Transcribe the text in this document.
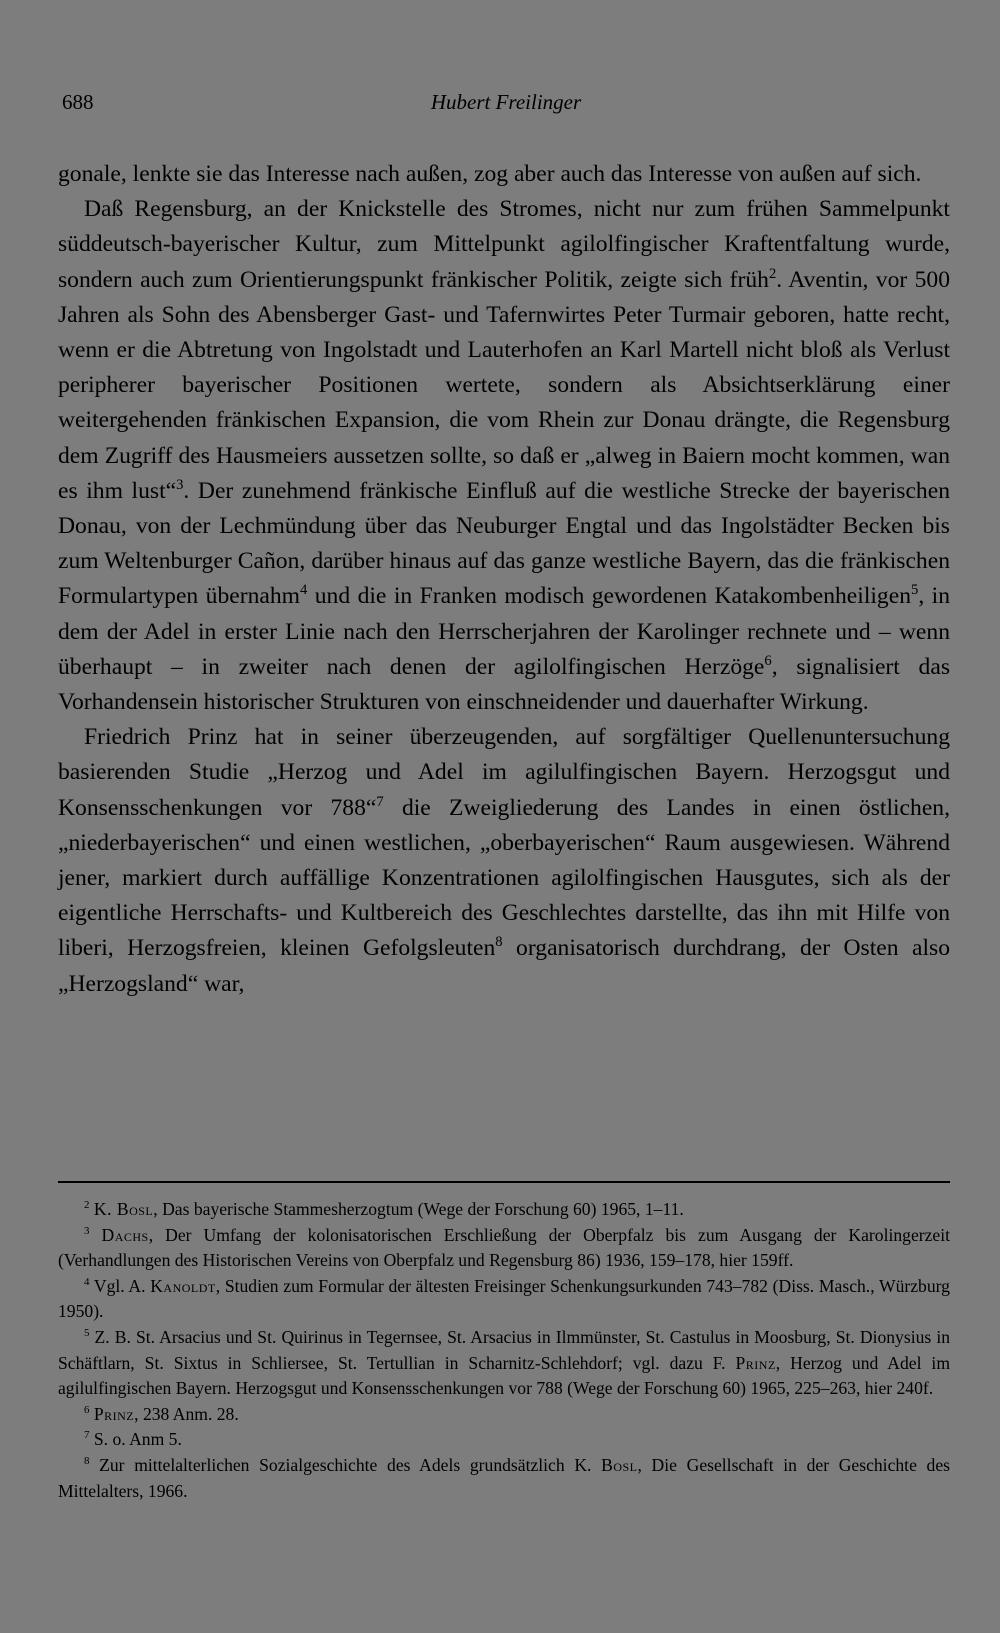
688	Hubert Freilinger

gonale, lenkte sie das Interesse nach außen, zog aber auch das Interesse von außen auf sich.

Daß Regensburg, an der Knickstelle des Stromes, nicht nur zum frühen Sammelpunkt süddeutsch-bayerischer Kultur, zum Mittelpunkt agilolfingischer Kraftentfaltung wurde, sondern auch zum Orientierungspunkt fränkischer Politik, zeigte sich früh$^2$. Aventin, vor 500 Jahren als Sohn des Abensberger Gast- und Tafernwirtes Peter Turmair geboren, hatte recht, wenn er die Abtretung von Ingolstadt und Lauterhofen an Karl Martell nicht bloß als Verlust peripherer bayerischer Positionen wertete, sondern als Absichtserklärung einer weitergehenden fränkischen Expansion, die vom Rhein zur Donau drängte, die Regensburg dem Zugriff des Hausmeiers aussetzen sollte, so daß er „alweg in Baiern mocht kommen, wan es ihm lust“$^3$. Der zunehmend fränkische Einfluß auf die westliche Strecke der bayerischen Donau, von der Lechmündung über das Neuburger Engtal und das Ingolstädter Becken bis zum Weltenburger Cañon, darüber hinaus auf das ganze westliche Bayern, das die fränkischen Formulartypen übernahm$^4$ und die in Franken modisch gewordenen Katakombenheiligen$^5$, in dem der Adel in erster Linie nach den Herrscherjahren der Karolinger rechnete und – wenn überhaupt – in zweiter nach denen der agilolfingischen Herzöge$^6$, signalisiert das Vorhandensein historischer Strukturen von einschneidender und dauerhafter Wirkung.

Friedrich Prinz hat in seiner überzeugenden, auf sorgfältiger Quellenuntersuchung basierenden Studie „Herzog und Adel im agilulfingischen Bayern. Herzogsgut und Konsensschenkungen vor 788“$^7$ die Zweigliederung des Landes in einen östlichen, „niederbayerischen“ und einen westlichen, „oberbayerischen“ Raum ausgewiesen. Während jener, markiert durch auffällige Konzentrationen agilolfingischen Hausgutes, sich als der eigentliche Herrschafts- und Kultbereich des Geschlechtes darstellte, das ihn mit Hilfe von liberi, Herzogsfreien, kleinen Gefolgsleuten$^8$ organisatorisch durchdrang, der Osten also „Herzogsland“ war,

$^2$ K. Bosl, Das bayerische Stammesherzogtum (Wege der Forschung 60) 1965, 1–11.

$^3$ Dachs, Der Umfang der kolonisatorischen Erschließung der Oberpfalz bis zum Ausgang der Karolingerzeit (Verhandlungen des Historischen Vereins von Oberpfalz und Regensburg 86) 1936, 159–178, hier 159ff.

$^4$ Vgl. A. Kanoldt, Studien zum Formular der ältesten Freisinger Schenkungsurkunden 743–782 (Diss. Masch., Würzburg 1950).

$^5$ Z. B. St. Arsacius und St. Quirinus in Tegernsee, St. Arsacius in Ilmmünster, St. Castulus in Moosburg, St. Dionysius in Schäftlarn, St. Sixtus in Schliersee, St. Tertullian in Scharnitz-Schlehdorf; vgl. dazu F. Prinz, Herzog und Adel im agilulfingischen Bayern. Herzogsgut und Konsensschenkungen vor 788 (Wege der Forschung 60) 1965, 225–263, hier 240f.

$^6$ Prinz, 238 Anm. 28.

$^7$ S. o. Anm 5.

$^8$ Zur mittelalterlichen Sozialgeschichte des Adels grundsätzlich K. Bosl, Die Gesellschaft in der Geschichte des Mittelalters, 1966.
